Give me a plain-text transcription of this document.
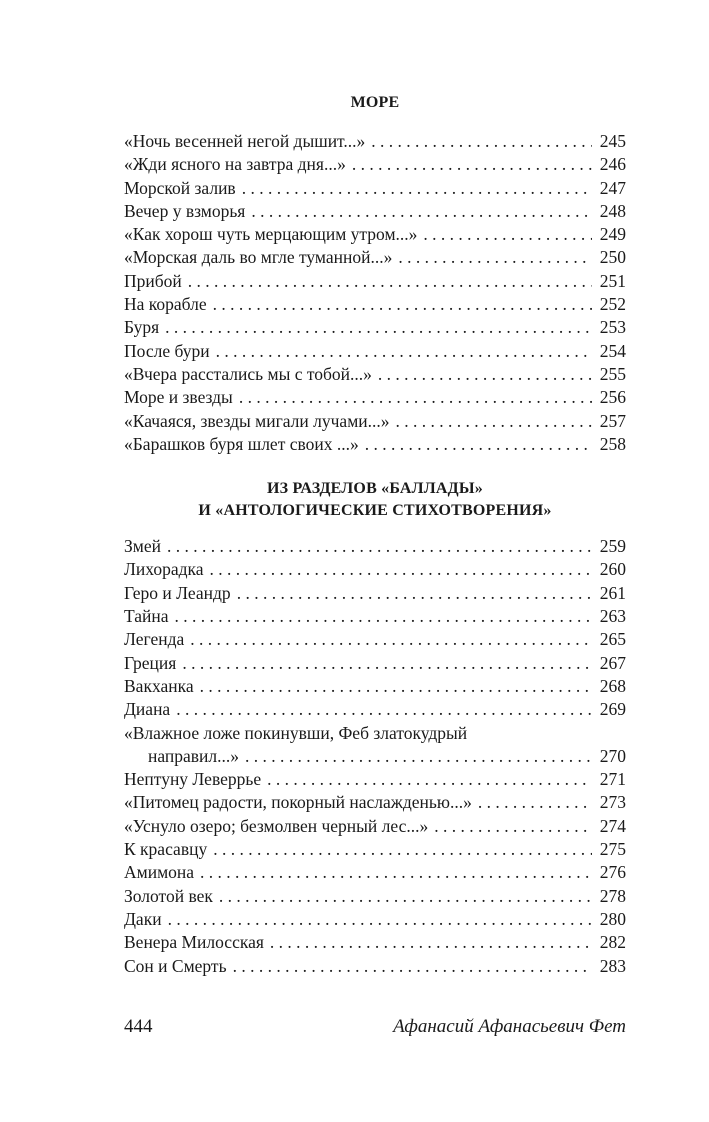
МОРЕ
«Ночь весенней негой дышит...» . . .	245
«Жди ясного на завтра дня...» . . .	246
Морской залив . . .	247
Вечер у взморья . . .	248
«Как хорош чуть мерцающим утром...» . . .	249
«Морская даль во мгле туманной...» . . .	250
Прибой . . .	251
На корабле . . .	252
Буря . . .	253
После бури . . .	254
«Вчера расстались мы с тобой...» . . .	255
Море и звезды . . .	256
«Качаяся, звезды мигали лучами...» . . .	257
«Барашков буря шлет своих ...» . . .	258
ИЗ РАЗДЕЛОВ «БАЛЛАДЫ»
И «АНТОЛОГИЧЕСКИЕ СТИХОТВОРЕНИЯ»
Змей . . .	259
Лихорадка . . .	260
Геро и Леандр . . .	261
Тайна . . .	263
Легенда . . .	265
Греция . . .	267
Вакханка . . .	268
Диана . . .	269
«Влажное ложе покинувши, Феб златокудрый
направил...» . . .	270
Нептуну Леверрье . . .	271
«Питомец радости, покорный наслажденью...» . . .	273
«Уснуло озеро; безмолвен черный лес...» . . .	274
К красавцу . . .	275
Амимона . . .	276
Золотой век . . .	278
Даки . . .	280
Венера Милосская . . .	282
Сон и Смерть . . .	283
444	Афанасий Афанасьевич Фет
